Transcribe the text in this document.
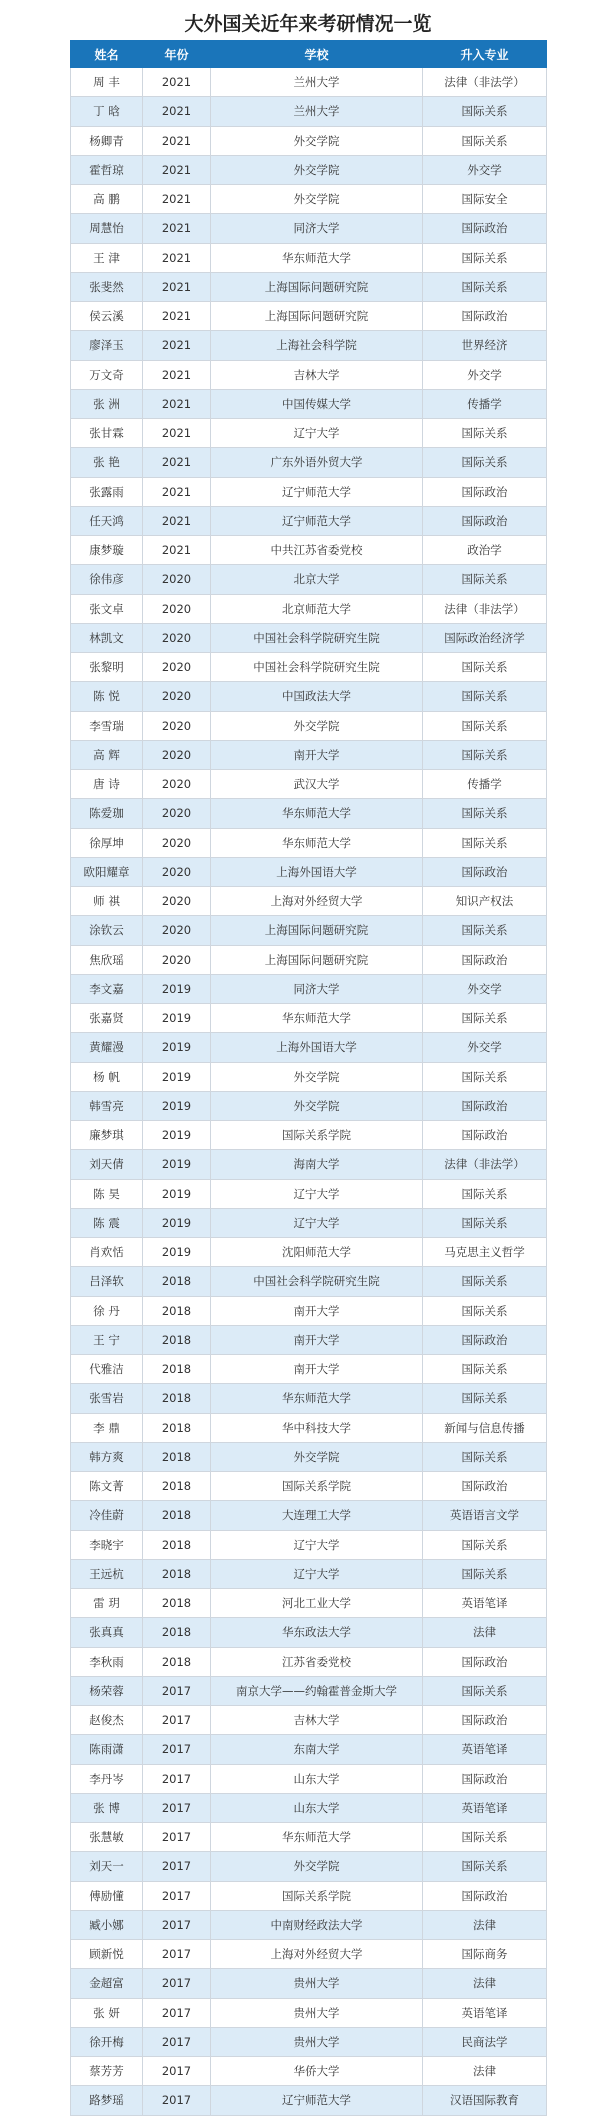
大外国关近年来考研情况一览
姓名	年份	学校	升入专业
周 丰	2021	兰州大学	法律（非法学）
丁 晗	2021	兰州大学	国际关系
杨卿青	2021	外交学院	国际关系
霍哲琼	2021	外交学院	外交学
高 鹏	2021	外交学院	国际安全
周慧怡	2021	同济大学	国际政治
王 津	2021	华东师范大学	国际关系
张斐然	2021	上海国际问题研究院	国际关系
侯云溪	2021	上海国际问题研究院	国际政治
廖泽玉	2021	上海社会科学院	世界经济
万文奇	2021	吉林大学	外交学
张 洲	2021	中国传媒大学	传播学
张甘霖	2021	辽宁大学	国际关系
张 艳	2021	广东外语外贸大学	国际关系
张露雨	2021	辽宁师范大学	国际政治
任天鸿	2021	辽宁师范大学	国际政治
康梦璇	2021	中共江苏省委党校	政治学
徐伟彦	2020	北京大学	国际关系
张文卓	2020	北京师范大学	法律（非法学）
林凯文	2020	中国社会科学院研究生院	国际政治经济学
张黎明	2020	中国社会科学院研究生院	国际关系
陈 悦	2020	中国政法大学	国际关系
李雪瑞	2020	外交学院	国际关系
高 辉	2020	南开大学	国际关系
唐 诗	2020	武汉大学	传播学
陈爱珈	2020	华东师范大学	国际关系
徐厚坤	2020	华东师范大学	国际关系
欧阳耀章	2020	上海外国语大学	国际政治
师 祺	2020	上海对外经贸大学	知识产权法
涂钦云	2020	上海国际问题研究院	国际关系
焦欣瑶	2020	上海国际问题研究院	国际政治
李文嘉	2019	同济大学	外交学
张嘉贤	2019	华东师范大学	国际关系
黄耀漫	2019	上海外国语大学	外交学
杨 帆	2019	外交学院	国际关系
韩雪亮	2019	外交学院	国际政治
廉梦琪	2019	国际关系学院	国际政治
刘天倩	2019	海南大学	法律（非法学）
陈 昊	2019	辽宁大学	国际关系
陈 震	2019	辽宁大学	国际关系
肖欢恬	2019	沈阳师范大学	马克思主义哲学
吕泽软	2018	中国社会科学院研究生院	国际关系
徐 丹	2018	南开大学	国际关系
王 宁	2018	南开大学	国际政治
代雅洁	2018	南开大学	国际关系
张雪岩	2018	华东师范大学	国际关系
李 鼎	2018	华中科技大学	新闻与信息传播
韩方爽	2018	外交学院	国际关系
陈文菁	2018	国际关系学院	国际政治
冷佳蔚	2018	大连理工大学	英语语言文学
李晓宇	2018	辽宁大学	国际关系
王远杭	2018	辽宁大学	国际关系
雷 玥	2018	河北工业大学	英语笔译
张真真	2018	华东政法大学	法律
李秋雨	2018	江苏省委党校	国际政治
杨荣蓉	2017	南京大学——约翰霍普金斯大学	国际关系
赵俊杰	2017	吉林大学	国际政治
陈雨潇	2017	东南大学	英语笔译
李丹岑	2017	山东大学	国际政治
张 博	2017	山东大学	英语笔译
张慧敏	2017	华东师范大学	国际关系
刘天一	2017	外交学院	国际关系
傅励懂	2017	国际关系学院	国际政治
臧小娜	2017	中南财经政法大学	法律
顾新悦	2017	上海对外经贸大学	国际商务
金超富	2017	贵州大学	法律
张 妍	2017	贵州大学	英语笔译
徐开梅	2017	贵州大学	民商法学
蔡芳芳	2017	华侨大学	法律
路梦瑶	2017	辽宁师范大学	汉语国际教育
